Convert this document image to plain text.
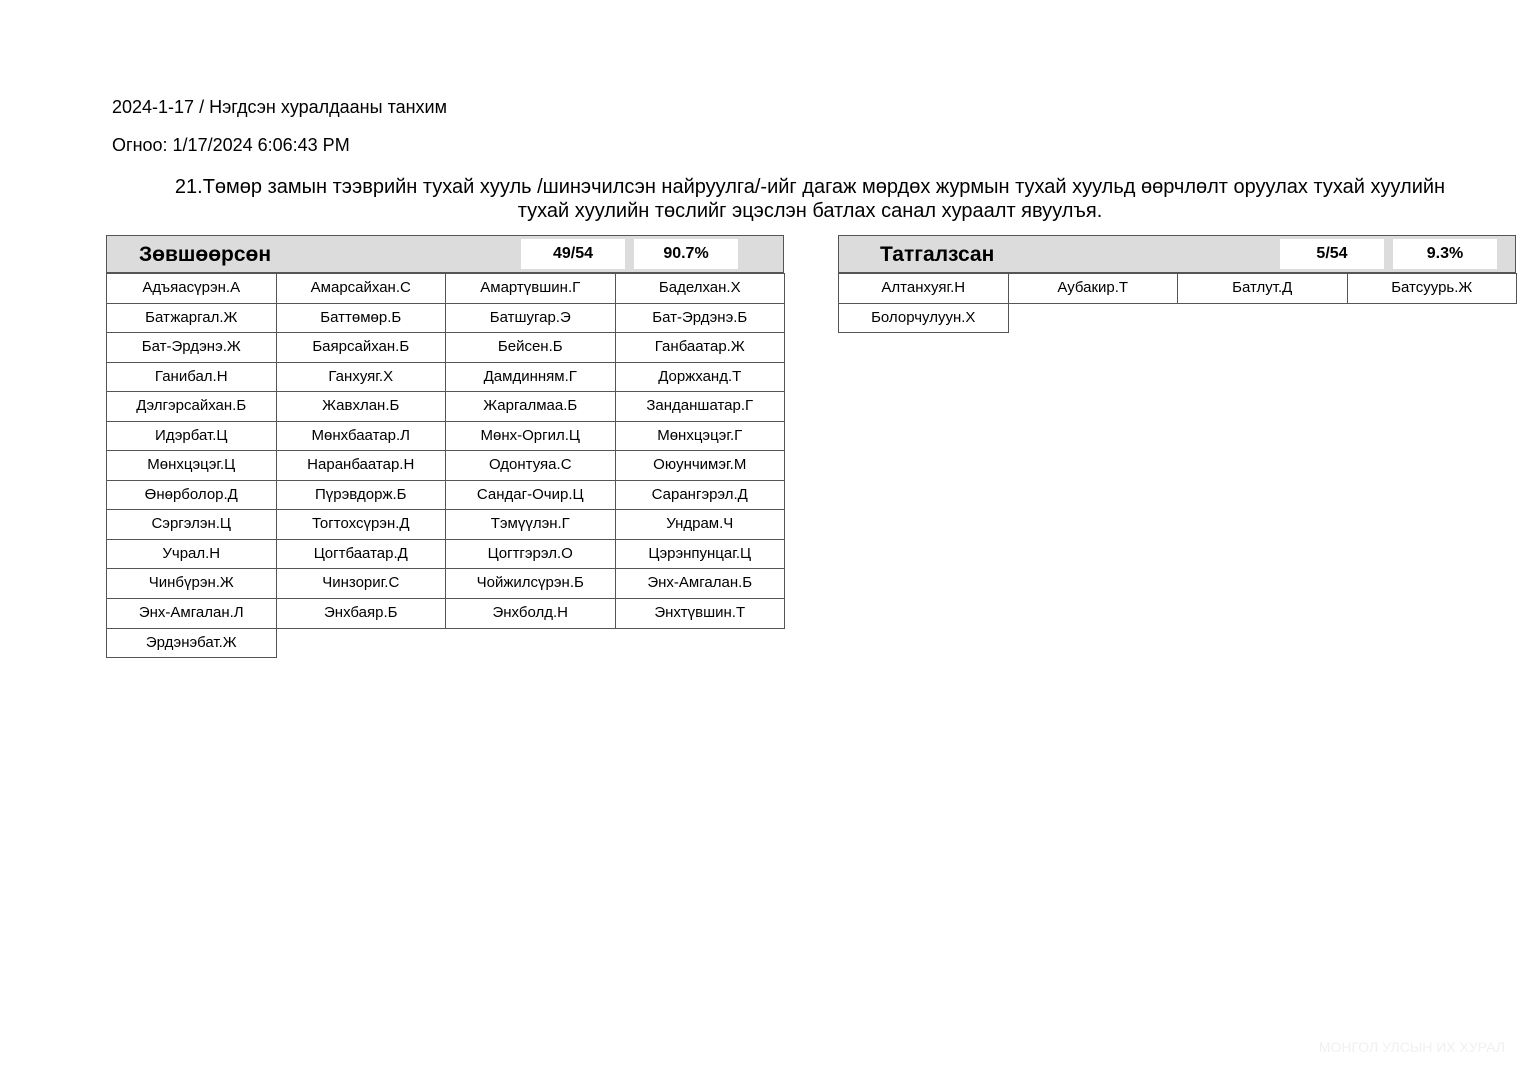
2024-1-17 / Нэгдсэн хуралдааны танхим
Огноо: 1/17/2024 6:06:43 PM
21.Төмөр замын тээврийн тухай хууль /шинэчилсэн найруулга/-ийг дагаж мөрдөх журмын тухай хуульд өөрчлөлт оруулах тухай хуулийн тухай хуулийн төслийг эцэслэн батлах санал хураалт явуулъя.
Зөвшөөрсөн	49/54	90.7%
Адъяасүрэн.А	Амарсайхан.С	Амартүвшин.Г	Баделхан.Х
Батжаргал.Ж	Баттөмөр.Б	Батшугар.Э	Бат-Эрдэнэ.Б
Бат-Эрдэнэ.Ж	Баярсайхан.Б	Бейсен.Б	Ганбаатар.Ж
Ганибал.Н	Ганхуяг.Х	Дамдинням.Г	Доржханд.Т
Дэлгэрсайхан.Б	Жавхлан.Б	Жаргалмаа.Б	Занданшатар.Г
Идэрбат.Ц	Мөнхбаатар.Л	Мөнх-Оргил.Ц	Мөнхцэцэг.Г
Мөнхцэцэг.Ц	Наранбаатар.Н	Одонтуяа.С	Оюунчимэг.М
Өнөрболор.Д	Пүрэвдорж.Б	Сандаг-Очир.Ц	Сарангэрэл.Д
Сэргэлэн.Ц	Тогтохсүрэн.Д	Тэмүүлэн.Г	Ундрам.Ч
Учрал.Н	Цогтбаатар.Д	Цогтгэрэл.О	Цэрэнпунцаг.Ц
Чинбүрэн.Ж	Чинзориг.С	Чойжилсүрэн.Б	Энх-Амгалан.Б
Энх-Амгалан.Л	Энхбаяр.Б	Энхболд.Н	Энхтүвшин.Т
Эрдэнэбат.Ж
Татгалзсан	5/54	9.3%
Алтанхуяг.Н	Аубакир.Т	Батлут.Д	Батсуурь.Ж
Болорчулуун.Х
МОНГОЛ УЛСЫН ИХ ХУРАЛ
